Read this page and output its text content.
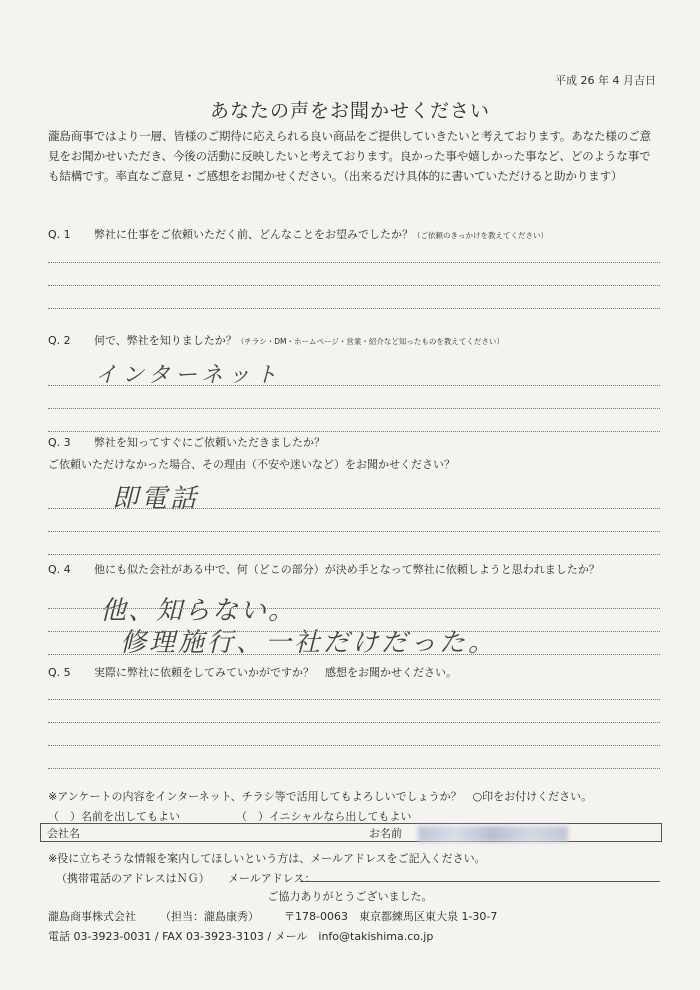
平成 26 年 4 月吉日
あなたの声をお聞かせください
瀧島商事ではより一層、皆様のご期待に応えられる良い商品をご提供していきたいと考えております。あなた様のご意見をお聞かせいただき、今後の活動に反映したいと考えております。良かった事や嬉しかった事など、どのような事でも結構です。率直なご意見・ご感想をお聞かせください。（出来るだけ具体的に書いていただけると助かります）
Q. 1 弊社に仕事をご依頼いただく前、どんなことをお望みでしたか？（ご依頼のきっかけを教えてください）
Q. 2 何で、弊社を知りましたか？（チラシ・DM・ホームページ・営業・紹介など知ったものを教えてください）
インターネット
Q. 3 弊社を知ってすぐにご依頼いただきましたか？
ご依頼いただけなかった場合、その理由（不安や迷いなど）をお聞かせください？
即電話
Q. 4 他にも似た会社がある中で、何（どこの部分）が決め手となって弊社に依頼しようと思われましたか？
他、知らない。
修理施行、一社だけだった。
Q. 5 実際に弊社に依頼をしてみていかがですか？　感想をお聞かせください。
※アンケートの内容をインターネット、チラシ等で活用してもよろしいでしょうか？　○印をお付けください。
（　）名前を出してもよい	（　）イニシャルなら出してもよい
会社名	お名前
※役に立ちそうな情報を案内してほしいという方は、メールアドレスをご記入ください。
（携帯電話のアドレスはＮＧ） メールアドレス：
ご協力ありがとうございました。
瀧島商事株式会社 （担当：瀧島康秀） 〒178-0063　東京都練馬区東大泉 1-30-7
電話 03-3923-0031 / FAX 03-3923-3103 / メール　info@takishima.co.jp
